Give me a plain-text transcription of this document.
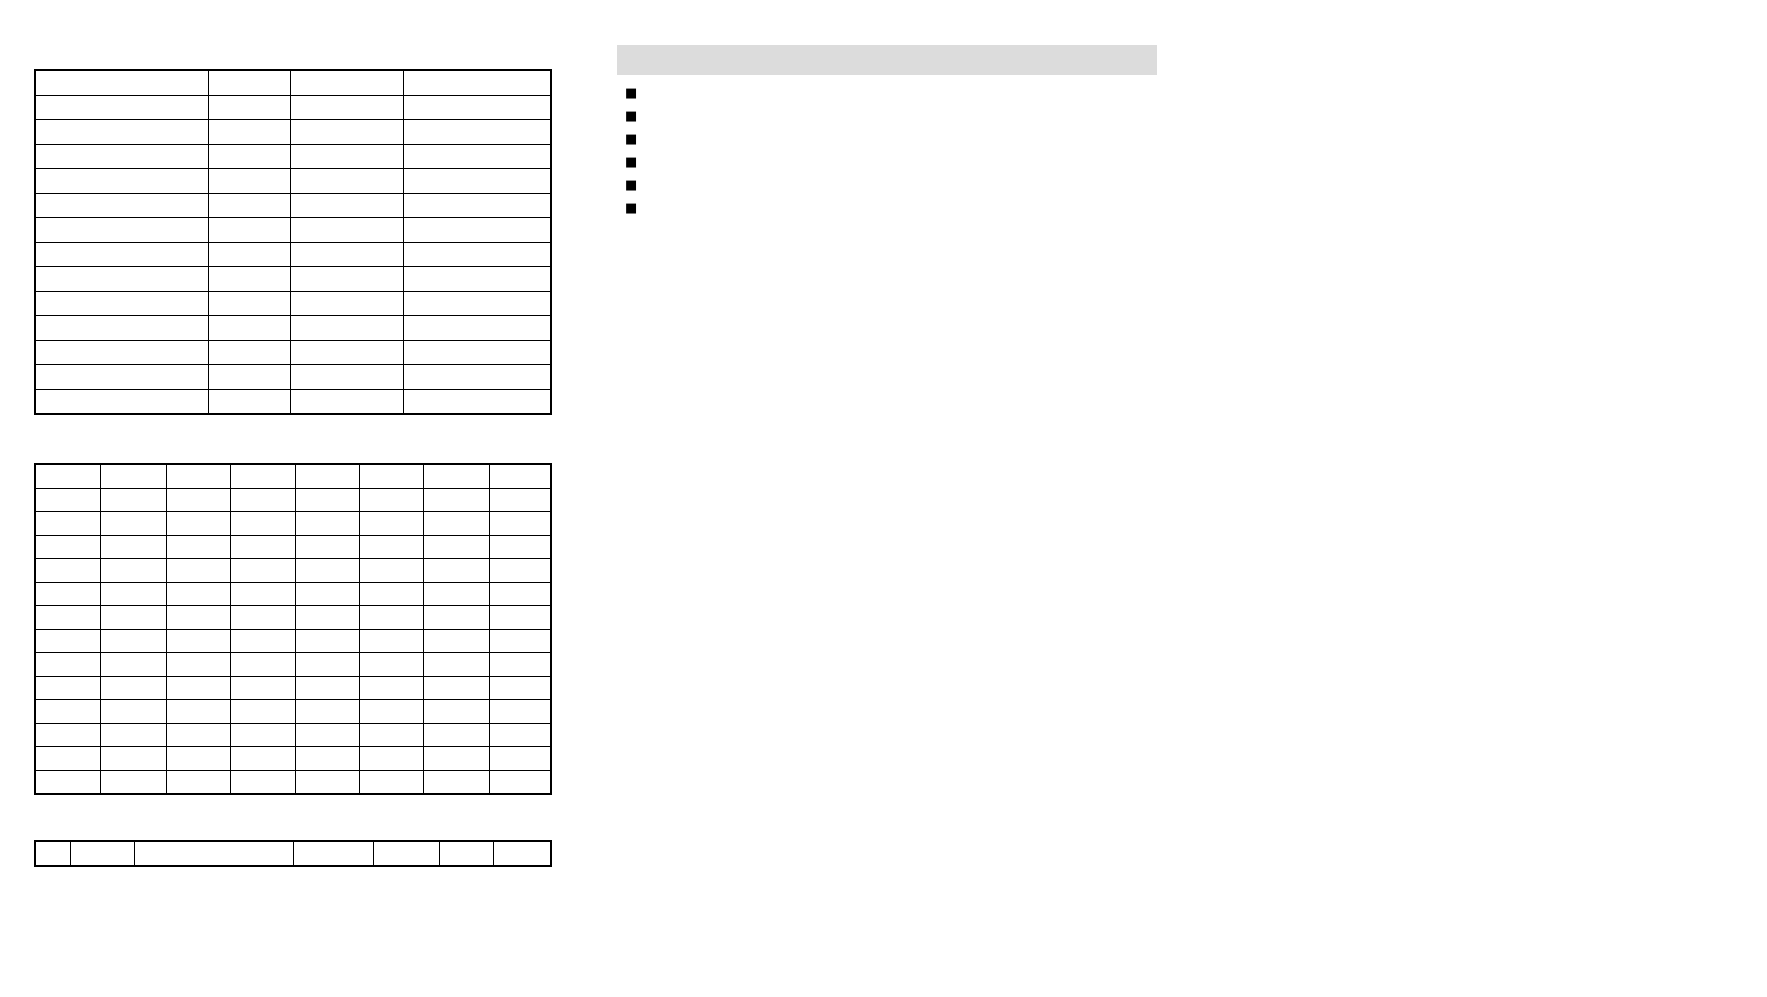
■
■
■
■
■
■
